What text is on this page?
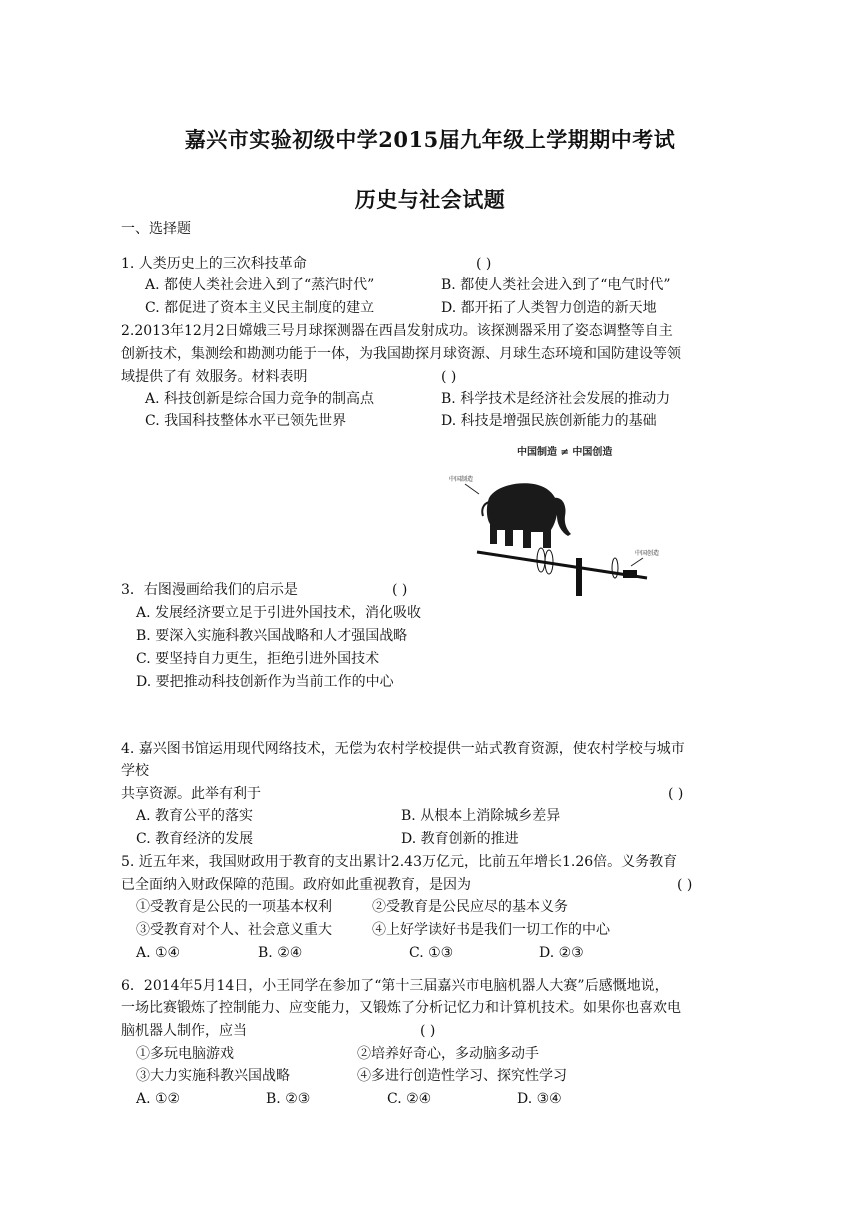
嘉兴市实验初级中学2015届九年级上学期期中考试
历史与社会试题
一、选择题
1. 人类历史上的三次科技革命	( )
A. 都使人类社会进入到了“蒸汽时代”	B. 都使人类社会进入到了“电气时代”
C. 都促进了资本主义民主制度的建立	D. 都开拓了人类智力创造的新天地
2.2013年12月2日嫦娥三号月球探测器在西昌发射成功。该探测器采用了姿态调整等自主
创新技术，集测绘和勘测功能于一体，为我国勘探月球资源、月球生态环境和国防建设等领
域提供了有 效服务。材料表明	( )
A. 科技创新是综合国力竞争的制高点	B. 科学技术是经济社会发展的推动力
C. 我国科技整体水平已领先世界	D. 科技是增强民族创新能力的基础
中国制造 ≠ 中国创造
中国制造
中国创造
3．右图漫画给我们的启示是	( )
A. 发展经济要立足于引进外国技术，消化吸收
B. 要深入实施科教兴国战略和人才强国战略
C. 要坚持自力更生，拒绝引进外国技术
D. 要把推动科技创新作为当前工作的中心
4. 嘉兴图书馆运用现代网络技术，无偿为农村学校提供一站式教育资源，使农村学校与城市
学校
共享资源。此举有利于	( )
A. 教育公平的落实	B. 从根本上消除城乡差异
C. 教育经济的发展	D. 教育创新的推进
5. 近五年来，我国财政用于教育的支出累计2.43万亿元，比前五年增长1.26倍。义务教育
已全面纳入财政保障的范围。政府如此重视教育，是因为	( )
①受教育是公民的一项基本权利	②受教育是公民应尽的基本义务
③受教育对个人、社会意义重大	④上好学读好书是我们一切工作的中心
A. ①④	B. ②④	C. ①③	D. ②③
6．2014年5月14日，小王同学在参加了“第十三届嘉兴市电脑机器人大赛”后感慨地说，
一场比赛锻炼了控制能力、应变能力，又锻炼了分析记忆力和计算机技术。如果你也喜欢电
脑机器人制作，应当	( )
①多玩电脑游戏	②培养好奇心，多动脑多动手
③大力实施科教兴国战略	④多进行创造性学习、探究性学习
A. ①②	B. ②③	C. ②④	D. ③④
